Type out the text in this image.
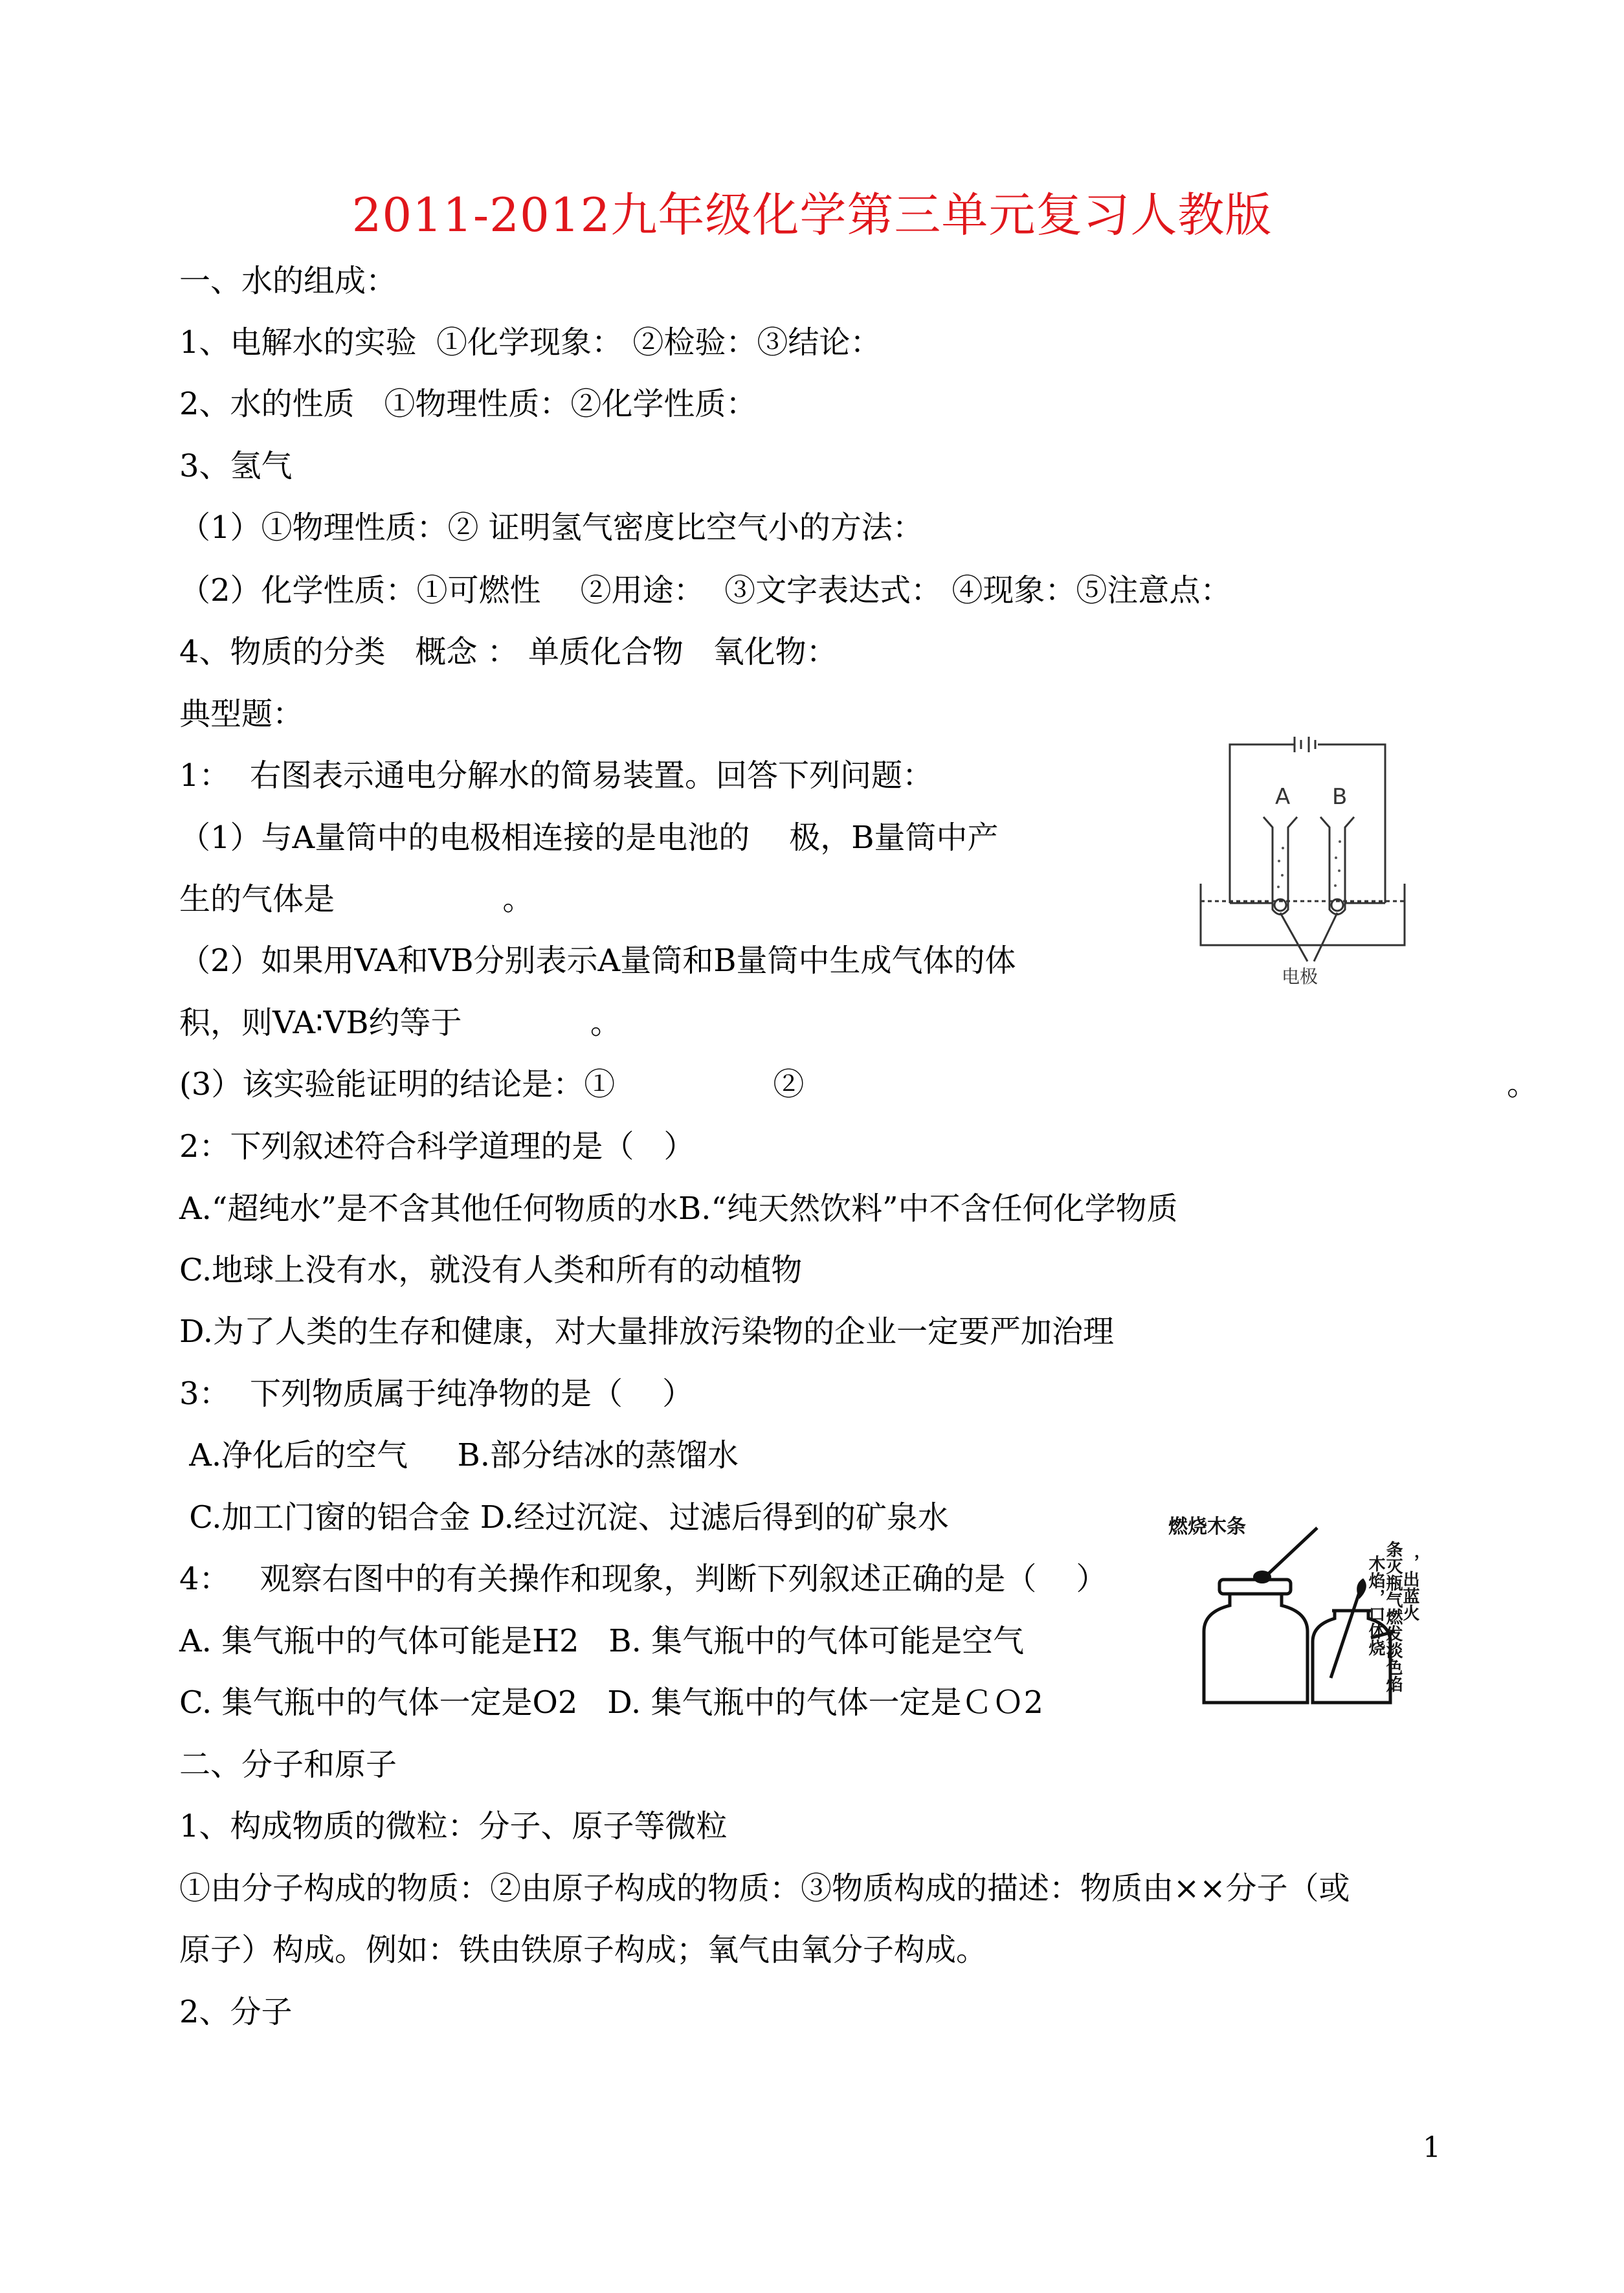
2011-2012九年级化学第三单元复习人教版
一、水的组成：
1、电解水的实验  ①化学现象： ②检验：③结论：
2、水的性质   ①物理性质：②化学性质：
3、氢气
（1）①物理性质：② 证明氢气密度比空气小的方法：
（2）化学性质：①可燃性    ②用途：  ③文字表达式： ④现象：⑤注意点：
4、物质的分类   概念 ： 单质化合物   氧化物：
典型题：
1：  右图表示通电分解水的简易装置。回答下列问题：
（1）与A量筒中的电极相连接的是电池的    极，B量筒中产
生的气体是                 。
（2）如果用VA和VB分别表示A量筒和B量筒中生成气体的体
积，则VA∶VB约等于             。
(3）该实验能证明的结论是：①                ②	。
2：下列叙述符合科学道理的是（   ）
A.“超纯水”是不含其他任何物质的水B.“纯天然饮料”中不含任何化学物质
C.地球上没有水，就没有人类和所有的动植物
D.为了人类的生存和健康，对大量排放污染物的企业一定要严加治理
3：  下列物质属于纯净物的是（    ）
A.净化后的空气     B.部分结冰的蒸馏水
C.加工门窗的铝合金 D.经过沉淀、过滤后得到的矿泉水
4：   观察右图中的有关操作和现象，判断下列叙述正确的是（    ）
A. 集气瓶中的气体可能是H2   B. 集气瓶中的气体可能是空气
C. 集气瓶中的气体一定是O2   D. 集气瓶中的气体一定是ＣＯ2
二、分子和原子
1、构成物质的微粒：分子、原子等微粒
①由分子构成的物质：②由原子构成的物质：③物质构成的描述：物质由××分子（或
原子）构成。例如：铁由铁原子构成；氧气由氧分子构成。
2、分子
A B
电极
燃烧木条
木焰，口体烧
条灭瓶气燃发淡色焰
，出蓝火
1
